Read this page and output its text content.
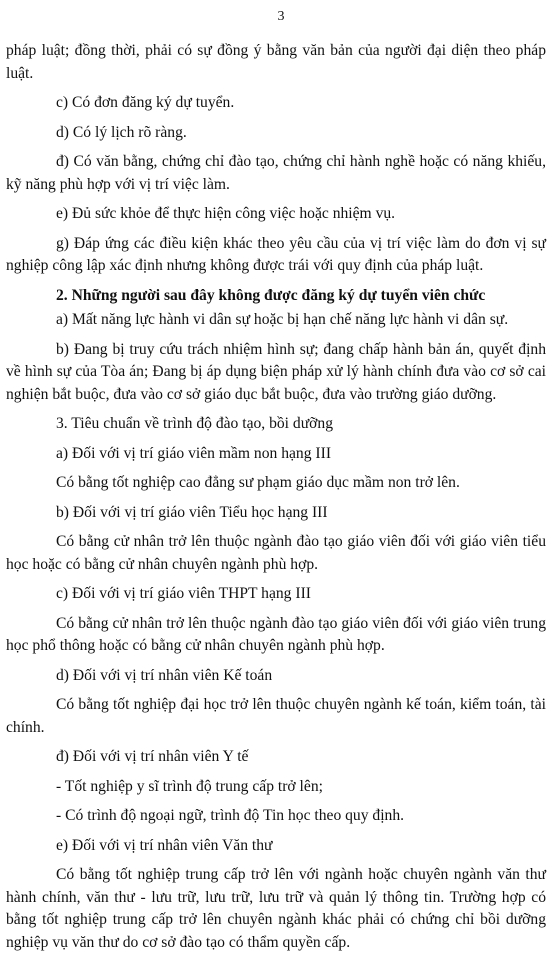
3

pháp luật; đồng thời, phải có sự đồng ý bằng văn bản của người đại diện theo pháp luật.

c) Có đơn đăng ký dự tuyển.

d) Có lý lịch rõ ràng.

đ) Có văn bằng, chứng chỉ đào tạo, chứng chỉ hành nghề hoặc có năng khiếu, kỹ năng phù hợp với vị trí việc làm.

e) Đủ sức khỏe để thực hiện công việc hoặc nhiệm vụ.

g) Đáp ứng các điều kiện khác theo yêu cầu của vị trí việc làm do đơn vị sự nghiệp công lập xác định nhưng không được trái với quy định của pháp luật.

2. Những người sau đây không được đăng ký dự tuyển viên chức

a) Mất năng lực hành vi dân sự hoặc bị hạn chế năng lực hành vi dân sự.

b) Đang bị truy cứu trách nhiệm hình sự; đang chấp hành bản án, quyết định về hình sự của Tòa án; Đang bị áp dụng biện pháp xử lý hành chính đưa vào cơ sở cai nghiện bắt buộc, đưa vào cơ sở giáo dục bắt buộc, đưa vào trường giáo dưỡng.

3. Tiêu chuẩn về trình độ đào tạo, bồi dưỡng

a) Đối với vị trí giáo viên mầm non hạng III

Có bằng tốt nghiệp cao đẳng sư phạm giáo dục mầm non trở lên.

b) Đối với vị trí giáo viên Tiểu học hạng III

Có bằng cử nhân trở lên thuộc ngành đào tạo giáo viên đối với giáo viên tiểu học hoặc có bằng cử nhân chuyên ngành phù hợp.

c) Đối với vị trí giáo viên THPT hạng III

Có bằng cử nhân trở lên thuộc ngành đào tạo giáo viên đối với giáo viên trung học phổ thông hoặc có bằng cử nhân chuyên ngành phù hợp.

d) Đối với vị trí nhân viên Kế toán

Có bằng tốt nghiệp đại học trở lên thuộc chuyên ngành kế toán, kiểm toán, tài chính.

đ) Đối với vị trí nhân viên Y tế

- Tốt nghiệp y sĩ trình độ trung cấp trở lên;

- Có trình độ ngoại ngữ, trình độ Tin học theo quy định.

e) Đối với vị trí nhân viên Văn thư

Có bằng tốt nghiệp trung cấp trở lên với ngành hoặc chuyên ngành văn thư hành chính, văn thư - lưu trữ, lưu trữ, lưu trữ và quản lý thông tin. Trường hợp có bằng tốt nghiệp trung cấp trở lên chuyên ngành khác phải có chứng chỉ bồi dưỡng nghiệp vụ văn thư do cơ sở đào tạo có thẩm quyền cấp.
